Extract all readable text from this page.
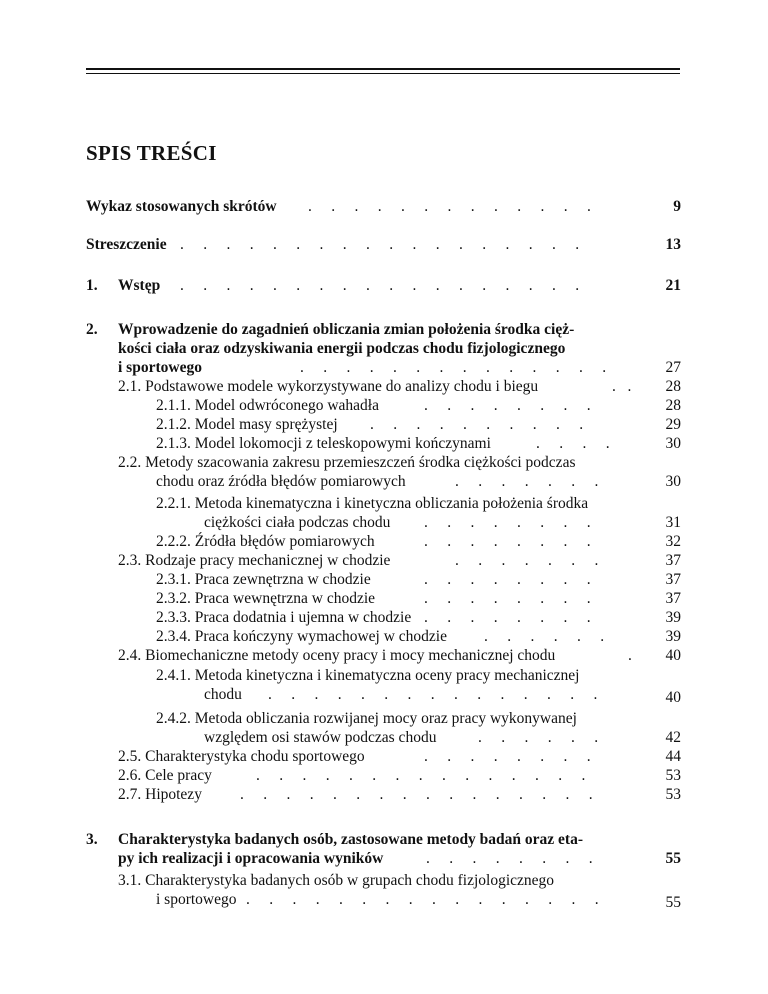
SPIS TREŚCI
Wykaz stosowanych skrótów .     .     .     .     .     .     .     .     .     .     .     .     .	9
Streszczenie .     .     .     .     .     .     .     .     .     .     .     .     .     .     .     .     .     .	13
1. Wstęp .     .     .     .     .     .     .     .     .     .     .     .     .     .     .     .     .     .	21
2. Wprowadzenie do zagadnień obliczania zmian położenia środka cięż-
kości ciała oraz odzyskiwania energii podczas chodu fizjologicznego
i sportowego	.     .     .     .     .     .     .     .     .     .     .     .     .     .	27
2.1. Podstawowe modele wykorzystywane do analizy chodu i biegu	.   .	28
2.1.1. Model odwróconego wahadła	.     .     .     .     .     .     .     .	28
2.1.2. Model masy sprężystej .     .     .     .     .     .     .     .     .     .	29
2.1.3. Model lokomocji z teleskopowymi kończynami	.     .     .     .	30
2.2. Metody szacowania zakresu przemieszczeń środka ciężkości podczas
chodu oraz źródła błędów pomiarowych	.     .     .     .     .     .     .	30
2.2.1. Metoda kinematyczna i kinetyczna obliczania położenia środka
ciężkości ciała podczas chodu	.     .     .     .     .     .     .     .	31
2.2.2. Źródła błędów pomiarowych	.     .     .     .     .     .     .     .	32
2.3. Rodzaje pracy mechanicznej w chodzie	.     .     .     .     .     .     .	37
2.3.1. Praca zewnętrzna w chodzie	.     .     .     .     .     .     .     .	37
2.3.2. Praca wewnętrzna w chodzie	.     .     .     .     .     .     .     .	37
2.3.3. Praca dodatnia i ujemna w chodzie .     .     .     .     .     .     .     .	39
2.3.4. Praca kończyny wymachowej w chodzie .     .     .     .     .     .	39
2.4. Biomechaniczne metody oceny pracy i mocy mechanicznej chodu	.	40
2.4.1. Metoda kinetyczna i kinematyczna oceny pracy mechanicznej
chodu	.     .     .     .     .     .     .     .     .     .     .     .     .     .     .	40
2.4.2. Metoda obliczania rozwijanej mocy oraz pracy wykonywanej
względem osi stawów podczas chodu	.     .     .     .     .     .	42
2.5. Charakterystyka chodu sportowego	.     .     .     .     .     .     .     .	44
2.6. Cele pracy	.     .     .     .     .     .     .     .     .     .     .     .     .     .     .	53
2.7. Hipotezy .     .     .     .     .     .     .     .     .     .     .     .     .     .     .     .	53
3. Charakterystyka badanych osób, zastosowane metody badań oraz eta-
py ich realizacji i opracowania wyników	.     .     .     .     .     .     .     .	55
3.1. Charakterystyka badanych osób w grupach chodu fizjologicznego
i sportowego .     .     .     .     .     .     .     .     .     .     .     .     .     .     .     .	55
